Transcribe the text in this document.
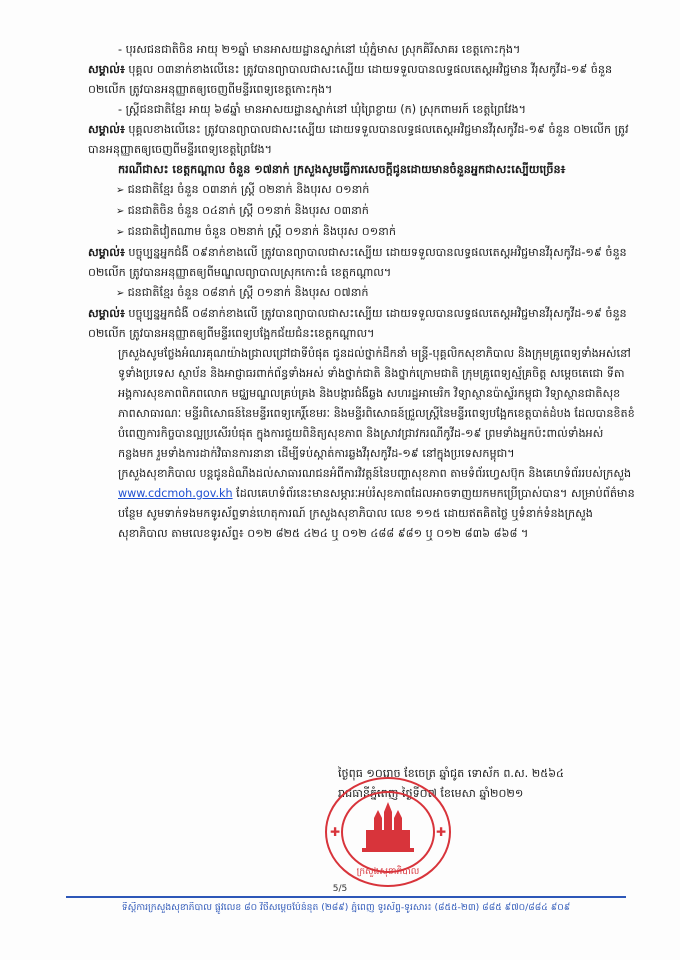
- បុរសជនជាតិចិន អាយុ ២១ឆ្នាំ មានអាសយដ្ឋានស្នាក់នៅ ឃុំភ្នំមាស ស្រុកគិរីសាគរ ខេត្តកោះកុង។

សម្គាល់៖ បុគ្គល ០៣នាក់ខាងលើនេះ ត្រូវបានព្យាបាលជាសះស្បើយ ដោយទទួលបានលទ្ធផលតេស្តអវិជ្ជមាន វីរុសកូវីដ-១៩ ចំនួន ០២លើក ត្រូវបានអនុញ្ញាតឲ្យចេញពីមន្ទីរពេទ្យខេត្តកោះកុង។

- ស្ត្រីជនជាតិខ្មែរ អាយុ ៦៨ឆ្នាំ មានអាសយដ្ឋានស្នាក់នៅ ឃុំព្រៃខ្លាយ (ក) ស្រុកពាមរក៍ ខេត្តព្រៃវែង។

សម្គាល់៖ បុគ្គលខាងលើនេះ ត្រូវបានព្យាបាលជាសះស្បើយ ដោយទទួលបានលទ្ធផលតេស្តអវិជ្ជមានវីរុសកូវីដ-១៩ ចំនួន ០២លើក ត្រូវបានអនុញ្ញាតឲ្យចេញពីមន្ទីរពេទ្យខេត្តព្រៃវែង។

ករណីជាសះ ខេត្តកណ្ដាល ចំនួន ១៧នាក់ ក្រសួងសូមធ្វើការសេចក្តីជូនដោយមានចំនួនអ្នកជាសះស្បើយច្រើន៖

➢ ជនជាតិខ្មែរ ចំនួន ០៣នាក់ ស្ត្រី ០២នាក់ និងបុរស ០១នាក់

➢ ជនជាតិចិន ចំនួន ០៤នាក់ ស្ត្រី ០១នាក់ និងបុរស ០៣នាក់

➢ ជនជាតិវៀតណាម ចំនួន ០២នាក់ ស្ត្រី ០១នាក់ និងបុរស ០១នាក់

សម្គាល់៖ បច្ចុប្បន្នអ្នកជំងឺ ០៩នាក់ខាងលើ ត្រូវបានព្យាបាលជាសះស្បើយ ដោយទទួលបានលទ្ធផលតេស្តអវិជ្ជមានវីរុសកូវីដ-១៩ ចំនួន ០២លើក ត្រូវបានអនុញ្ញាតឲ្យពីមណ្ឌលព្យាបាលស្រុកកោះធំ ខេត្តកណ្ដាល។

➢ ជនជាតិខ្មែរ ចំនួន ០៨នាក់ ស្ត្រី ០១នាក់ និងបុរស ០៧នាក់

សម្គាល់៖ បច្ចុប្បន្នអ្នកជំងឺ ០៨នាក់ខាងលើ ត្រូវបានព្យាបាលជាសះស្បើយ ដោយទទួលបានលទ្ធផលតេស្តអវិជ្ជមានវីរុសកូវីដ-១៩ ចំនួន ០២លើក ត្រូវបានអនុញ្ញាតឲ្យពីមន្ទីរពេទ្យបង្អែកជ័យជំនះខេត្តកណ្ដាល។

ក្រសួងសូមថ្លែងអំណរគុណយ៉ាងជ្រាលជ្រៅជាទីបំផុត ជូនដល់ថ្នាក់ដឹកនាំ មន្ត្រី-បុគ្គលិកសុខាភិបាល និងក្រុមគ្រូពេទ្យទាំងអស់នៅទូទាំងប្រទេស ស្ថាប័ន និងអាជ្ញាធរពាក់ព័ន្ធទាំងអស់ ទាំងថ្នាក់ជាតិ និងថ្នាក់ក្រោមជាតិ ក្រុមគ្រូពេទ្យស្ម័គ្រចិត្ត សម្តេចតេជោ ទីតា អង្គការសុខភាពពិភពលោក មជ្ឈមណ្ឌលគ្រប់គ្រង និងបង្ការជំងឺឆ្លង សហរដ្ឋអាមេរិក វិទ្យាស្ថានប៉ាស្ទ័រកម្ពុជា វិទ្យាស្ថានជាតិសុខភាពសាធារណៈ មន្ទីរពិសោធន៍នៃមន្ទីរពេទ្យកេរ្តិ៍ខេមរៈ និងមន្ទីរពិសោធន៍ជ្រួលស្ត្រីនៃមន្ទីរពេទ្យបង្អែកខេត្តបាត់ដំបង ដែលបានខិតខំបំពេញការកិច្ចបានល្អប្រសើរបំផុត ក្នុងការជួយពិនិត្យសុខភាព និងស្រាវជ្រាវករណីកូវីដ-១៩ ព្រមទាំងអ្នកប៉ះពាល់ទាំងអស់កន្លងមក រួមទាំងការដាក់វិធានការនានា ដើម្បីទប់ស្កាត់ការឆ្លងវីរុសកូវីដ-១៩ នៅក្នុងប្រទេសកម្ពុជា។

ក្រសួងសុខាភិបាល បន្តជូនដំណឹងដល់សាធារណជនអំពីការវិវត្តន៍នៃបញ្ហាសុខភាព តាមទំព័រហ្វេសប៊ុក និងគេហទំព័ររបស់ក្រសួង www.cdcmoh.gov.kh ដែលគេហទំព័រនេះមានសម្ភារៈអប់រំសុខភាពដែលអាចទាញយកមកប្រើប្រាស់បាន។ សម្រាប់ព័ត៌មានបន្ថែម សូមទាក់ទងមកទូរស័ព្ទទាន់ហេតុការណ៍ ក្រសួងសុខាភិបាល លេខ ១១៥ ដោយឥតគិតថ្លៃ ឬទំនាក់ទំនងក្រសួងសុខាភិបាល តាមលេខទូរស័ព្ទ៖ ០១២ ៨២៥ ៤២៤ ឬ ០១២ ៤៨៨ ៩៨១ ឬ ០១២ ៨៣៦ ៨៦៨ ។

ថ្ងៃពុធ ១០រោច ខែចេត្រ ឆ្នាំជូត ទោស័ក ព.ស. ២៥៦៤

រាជធានីភ្នំពេញ ថ្ងៃទី០៧ ខែមេសា ឆ្នាំ២០២១

✚	✚
ក្រសួងសុខាភិបាល
5/5
ទីស្តីការក្រសួងសុខាភិបាល ផ្លូវលេខ ៨០ វិថីសម្ដេចប៉ែនំនុត (២៨៩) ភ្នំពេញ ទូរស័ព្ទ-ទូរសារ៖ (៨៥៥-២៣) ៨៨៥ ៩៧០/៨៨៤ ៩០៩
